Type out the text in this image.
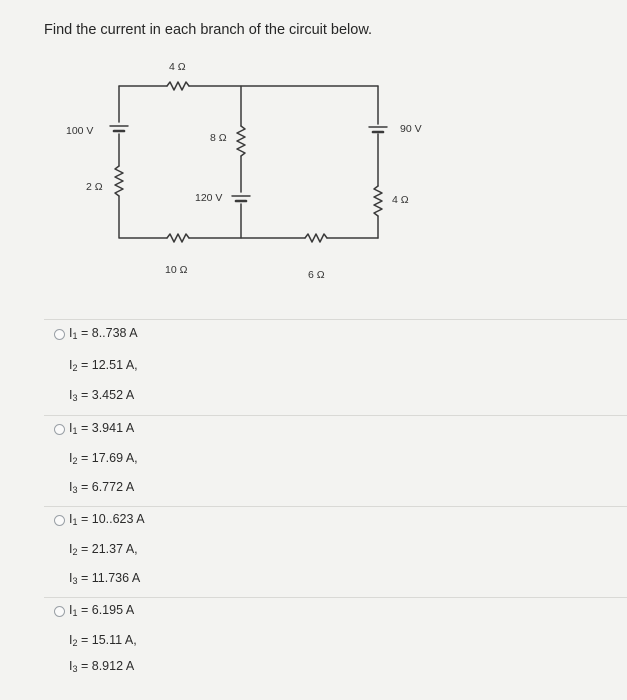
Find the current in each branch of the circuit below.
4 Ω
8 Ω
2 Ω
10 Ω	6 Ω
4 Ω
100 V
120 V
90 V
$I_1 = 8..738$ A
$I_2 = 12.51$ A,
$I_3 = 3.452$ A
$I_1 = 3.941$ A
$I_2 = 17.69$ A,
$I_3 = 6.772$ A
$I_1 = 10..623$ A
$I_2 = 21.37$ A,
$I_3 = 11.736$ A
$I_1 = 6.195$ A
$I_2 = 15.11$ A,
$I_3 = 8.912$ A
